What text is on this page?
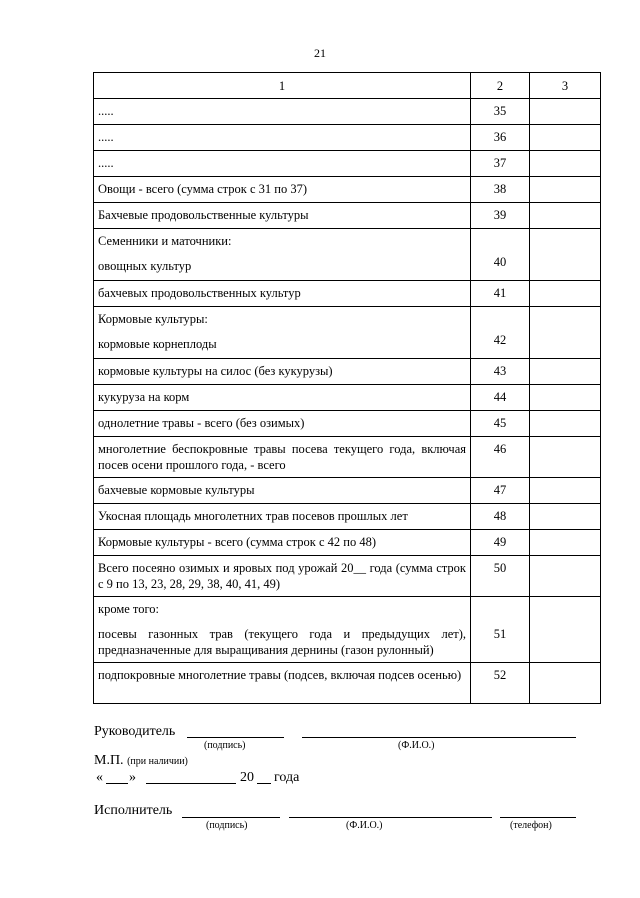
21
1	2	3

.....	35	

.....	36	

.....	37	

Овощи - всего (сумма строк с 31 по 37)	38	

Бахчевые продовольственные культуры	39	

Семенники и маточники:
овощных культур	40	

бахчевых продовольственных культур	41	

Кормовые культуры:
кормовые корнеплоды	42	

кормовые культуры на силос (без кукурузы)	43	

кукуруза на корм	44	

однолетние травы - всего (без озимых)	45	

многолетние беспокровные травы посева текущего года, включая посев осени прошлого года, - всего	46	

бахчевые кормовые культуры	47	

Укосная площадь многолетних трав посевов прошлых лет	48	

Кормовые культуры - всего (сумма строк с 42 по 48)	49	

Всего посеяно озимых и яровых под урожай 20__ года (сумма строк с 9 по 13, 23, 28, 29, 38, 40, 41, 49)	50	

кроме того:
посевы газонных трав (текущего года и предыдущих лет), предназначенные для выращивания дернины (газон рулонный)	51	

подпокровные многолетние травы (подсев, включая подсев осенью)	52	

Руководитель
(подпись)	(Ф.И.О.)
М.П. (при наличии)
« »	20 года
Исполнитель
(подпись)	(Ф.И.О.)	(телефон)
